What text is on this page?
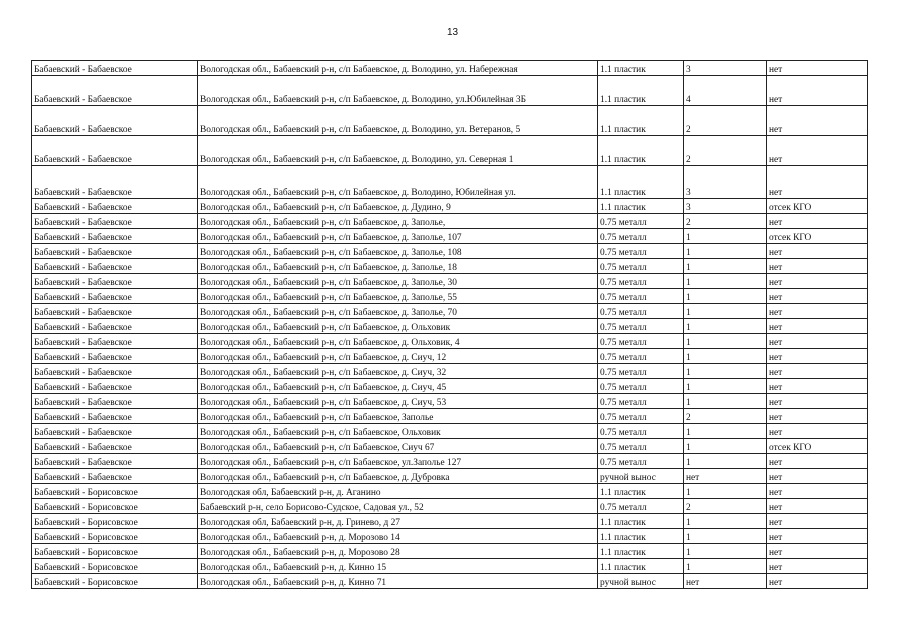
13
Бабаевский - Бабаевское	Вологодская обл., Бабаевский р-н, с/п Бабаевское, д. Володино, ул. Набережная	1.1 пластик	3	нет
Бабаевский - Бабаевское	Вологодская обл., Бабаевский р-н, с/п Бабаевское, д. Володино, ул.Юбилейная 3Б	1.1 пластик	4	нет
Бабаевский - Бабаевское	Вологодская обл., Бабаевский р-н, с/п Бабаевское, д. Володино, ул. Ветеранов, 5	1.1 пластик	2	нет
Бабаевский - Бабаевское	Вологодская обл., Бабаевский р-н, с/п Бабаевское, д. Володино, ул. Северная 1	1.1 пластик	2	нет
Бабаевский - Бабаевское	Вологодская обл., Бабаевский р-н, с/п Бабаевское, д. Володино, Юбилейная ул.	1.1 пластик	3	нет
Бабаевский - Бабаевское	Вологодская обл., Бабаевский р-н, с/п Бабаевское, д. Дудино, 9	1.1 пластик	3	отсек КГО
Бабаевский - Бабаевское	Вологодская обл., Бабаевский р-н, с/п Бабаевское, д. Заполье,	0.75 металл	2	нет
Бабаевский - Бабаевское	Вологодская обл., Бабаевский р-н, с/п Бабаевское, д. Заполье, 107	0.75 металл	1	отсек КГО
Бабаевский - Бабаевское	Вологодская обл., Бабаевский р-н, с/п Бабаевское, д. Заполье, 108	0.75 металл	1	нет
Бабаевский - Бабаевское	Вологодская обл., Бабаевский р-н, с/п Бабаевское, д. Заполье, 18	0.75 металл	1	нет
Бабаевский - Бабаевское	Вологодская обл., Бабаевский р-н, с/п Бабаевское, д. Заполье, 30	0.75 металл	1	нет
Бабаевский - Бабаевское	Вологодская обл., Бабаевский р-н, с/п Бабаевское, д. Заполье, 55	0.75 металл	1	нет
Бабаевский - Бабаевское	Вологодская обл., Бабаевский р-н, с/п Бабаевское, д. Заполье, 70	0.75 металл	1	нет
Бабаевский - Бабаевское	Вологодская обл., Бабаевский р-н, с/п Бабаевское, д. Ольховик	0.75 металл	1	нет
Бабаевский - Бабаевское	Вологодская обл., Бабаевский р-н, с/п Бабаевское, д. Ольховик, 4	0.75 металл	1	нет
Бабаевский - Бабаевское	Вологодская обл., Бабаевский р-н, с/п Бабаевское, д. Сиуч, 12	0.75 металл	1	нет
Бабаевский - Бабаевское	Вологодская обл., Бабаевский р-н, с/п Бабаевское, д. Сиуч, 32	0.75 металл	1	нет
Бабаевский - Бабаевское	Вологодская обл., Бабаевский р-н, с/п Бабаевское, д. Сиуч, 45	0.75 металл	1	нет
Бабаевский - Бабаевское	Вологодская обл., Бабаевский р-н, с/п Бабаевское, д. Сиуч, 53	0.75 металл	1	нет
Бабаевский - Бабаевское	Вологодская обл., Бабаевский р-н, с/п Бабаевское, Заполье	0.75 металл	2	нет
Бабаевский - Бабаевское	Вологодская обл., Бабаевский р-н, с/п Бабаевское, Ольховик	0.75 металл	1	нет
Бабаевский - Бабаевское	Вологодская обл., Бабаевский р-н, с/п Бабаевское, Сиуч 67	0.75 металл	1	отсек КГО
Бабаевский - Бабаевское	Вологодская обл., Бабаевский р-н, с/п Бабаевское, ул.Заполье 127	0.75 металл	1	нет
Бабаевский - Бабаевское	Вологодская обл., Бабаевский р-н, с/п Бабаевское, д. Дубровка	ручной вынос	нет	нет
Бабаевский - Борисовское	Вологодская обл, Бабаевский р-н, д. Аганино	1.1 пластик	1	нет
Бабаевский - Борисовское	Бабаевский р-н, село Борисово-Судское, Садовая ул., 52	0.75 металл	2	нет
Бабаевский - Борисовское	Вологодская обл, Бабаевский р-н, д. Гринево, д 27	1.1 пластик	1	нет
Бабаевский - Борисовское	Вологодская обл., Бабаевский р-н, д. Морозово 14	1.1 пластик	1	нет
Бабаевский - Борисовское	Вологодская обл., Бабаевский р-н, д. Морозово 28	1.1 пластик	1	нет
Бабаевский - Борисовское	Вологодская обл., Бабаевский р-н, д. Кинно 15	1.1 пластик	1	нет
Бабаевский - Борисовское	Вологодская обл., Бабаевский р-н, д. Кинно 71	ручной вынос	нет	нет
